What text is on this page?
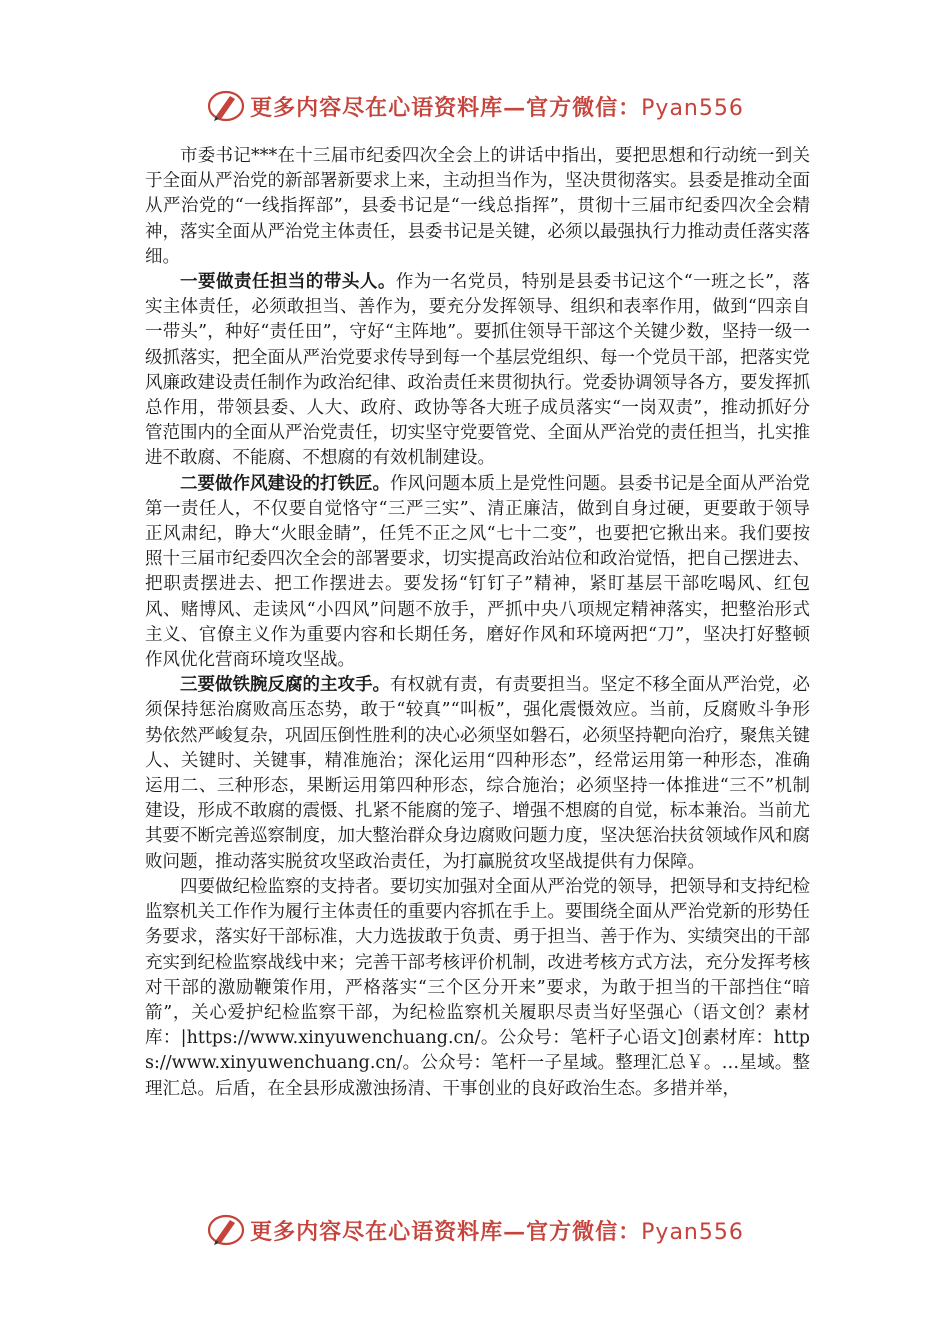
更多内容尽在心语资料库—官方微信：Pyan556

市委书记***在十三届市纪委四次全会上的讲话中指出，要把思想和行动统一到关于全面从严治党的新部署新要求上来，主动担当作为，坚决贯彻落实。县委是推动全面从严治党的“一线指挥部”，县委书记是“一线总指挥”，贯彻十三届市纪委四次全会精神，落实全面从严治党主体责任，县委书记是关键，必须以最强执行力推动责任落实落细。

一要做责任担当的带头人。作为一名党员，特别是县委书记这个“一班之长”，落实主体责任，必须敢担当、善作为，要充分发挥领导、组织和表率作用，做到“四亲自一带头”，种好“责任田”，守好“主阵地”。要抓住领导干部这个关键少数，坚持一级一级抓落实，把全面从严治党要求传导到每一个基层党组织、每一个党员干部，把落实党风廉政建设责任制作为政治纪律、政治责任来贯彻执行。党委协调领导各方，要发挥抓总作用，带领县委、人大、政府、政协等各大班子成员落实“一岗双责”，推动抓好分管范围内的全面从严治党责任，切实坚守党要管党、全面从严治党的责任担当，扎实推进不敢腐、不能腐、不想腐的有效机制建设。

二要做作风建设的打铁匠。作风问题本质上是党性问题。县委书记是全面从严治党第一责任人，不仅要自觉恪守“三严三实”、清正廉洁，做到自身过硬，更要敢于领导正风肃纪，睁大“火眼金睛”，任凭不正之风“七十二变”，也要把它揪出来。我们要按照十三届市纪委四次全会的部署要求，切实提高政治站位和政治觉悟，把自己摆进去、把职责摆进去、把工作摆进去。要发扬“钉钉子”精神，紧盯基层干部吃喝风、红包风、赌博风、走读风“小四风”问题不放手，严抓中央八项规定精神落实，把整治形式主义、官僚主义作为重要内容和长期任务，磨好作风和环境两把“刀”，坚决打好整顿作风优化营商环境攻坚战。

三要做铁腕反腐的主攻手。有权就有责，有责要担当。坚定不移全面从严治党，必须保持惩治腐败高压态势，敢于“较真”“叫板”，强化震慑效应。当前，反腐败斗争形势依然严峻复杂，巩固压倒性胜利的决心必须坚如磐石，必须坚持靶向治疗，聚焦关键人、关键时、关键事，精准施治；深化运用“四种形态”，经常运用第一种形态，准确运用二、三种形态，果断运用第四种形态，综合施治；必须坚持一体推进“三不”机制建设，形成不敢腐的震慑、扎紧不能腐的笼子、增强不想腐的自觉，标本兼治。当前尤其要不断完善巡察制度，加大整治群众身边腐败问题力度，坚决惩治扶贫领域作风和腐败问题，推动落实脱贫攻坚政治责任，为打赢脱贫攻坚战提供有力保障。

四要做纪检监察的支持者。要切实加强对全面从严治党的领导，把领导和支持纪检监察机关工作作为履行主体责任的重要内容抓在手上。要围绕全面从严治党新的形势任务要求，落实好干部标准，大力选拔敢于负责、勇于担当、善于作为、实绩突出的干部充实到纪检监察战线中来；完善干部考核评价机制，改进考核方式方法，充分发挥考核对干部的激励鞭策作用，严格落实“三个区分开来”要求，为敢于担当的干部挡住“暗箭”，关心爱护纪检监察干部，为纪检监察机关履职尽责当好坚强心（语文创？素材库：|https://www.xinyuwenchuang.cn/。公众号：笔杆子心语文]创素材库：https://www.xinyuwenchuang.cn/。公众号：笔杆一子星域。整理汇总￥。…星域。整理汇总。后盾，在全县形成激浊扬清、干事创业的良好政治生态。多措并举，

更多内容尽在心语资料库—官方微信：Pyan556
